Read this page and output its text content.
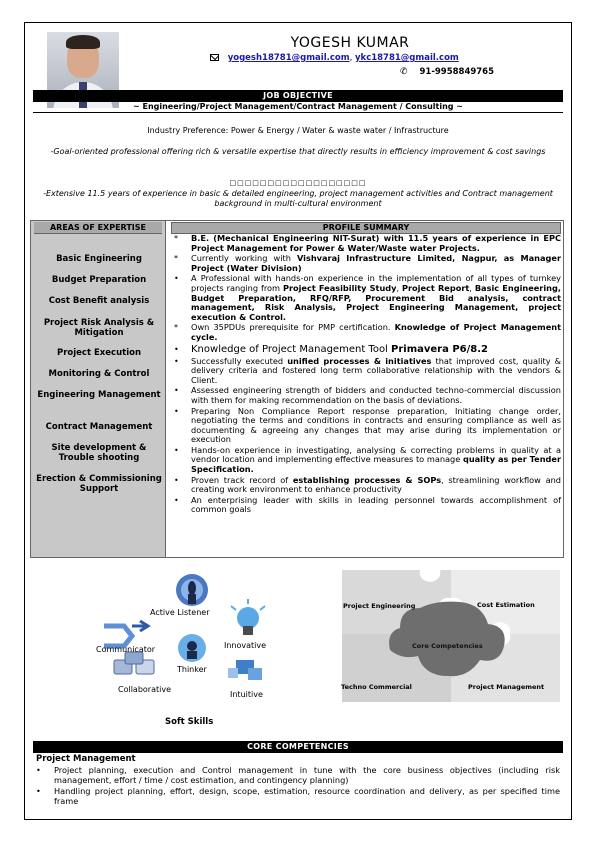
YOGESH KUMAR
yogesh18781@gmail.com, ykc18781@gmail.com
✆ 91-9958849765
JOB OBJECTIVE
~ Engineering/Project Management/Contract Management / Consulting ~
Industry Preference: Power & Energy / Water & waste water / Infrastructure
-Goal-oriented professional offering rich & versatile expertise that directly results in efficiency improvement & cost savings
□□□□□□□□□□□□□□□□□□
-Extensive 11.5 years of experience in basic & detailed engineering, project management activities and Contract management background in multi-cultural environment
AREAS OF EXPERTISE
Basic Engineering
Budget Preparation
Cost Benefit analysis
Project Risk Analysis & Mitigation
Project Execution
Monitoring & Control
Engineering Management
Contract Management
Site development & Trouble shooting
Erection & Commissioning Support
PROFILE SUMMARY
* B.E. (Mechanical Engineering NIT-Surat) with 11.5 years of experience in EPC Project Management for Power & Water/Waste water Projects.
* Currently working with Vishvaraj Infrastructure Limited, Nagpur, as Manager Project (Water Division)
• A Professional with hands-on experience in the implementation of all types of turnkey projects ranging from Project Feasibility Study, Project Report, Basic Engineering, Budget Preparation, RFQ/RFP, Procurement Bid analysis, contract management, Risk Analysis, Project Engineering Management, project execution & Control.
* Own 35PDUs prerequisite for PMP certification. Knowledge of Project Management cycle.
• Knowledge of Project Management Tool Primavera P6/8.2
• Successfully executed unified processes & initiatives that improved cost, quality & delivery criteria and fostered long term collaborative relationship with the vendors & Client.
• Assessed engineering strength of bidders and conducted techno-commercial discussion with them for making recommendation on the basis of deviations.
• Preparing Non Compliance Report response preparation, Initiating change order, negotiating the terms and conditions in contracts and ensuring compliance as well as documenting & agreeing any changes that may arise during its implementation or execution
• Hands-on experience in investigating, analysing & correcting problems in quality at a vendor location and implementing effective measures to manage quality as per Tender Specification.
• Proven track record of establishing processes & SOPs, streamlining workflow and creating work environment to enhance productivity
• An enterprising leader with skills in leading personnel towards accomplishment of common goals
Active Listener
Communicator	Innovative
Thinker
Collaborative
Intuitive
Soft Skills
Project Engineering	Cost Estimation
Core Competencies
Techno Commercial	Project Management
CORE COMPETENCIES
Project Management
• Project planning, execution and Control management in tune with the core business objectives (including risk management, effort / time / cost estimation, and contingency planning)
• Handling project planning, effort, design, scope, estimation, resource coordination and delivery, as per specified time frame
